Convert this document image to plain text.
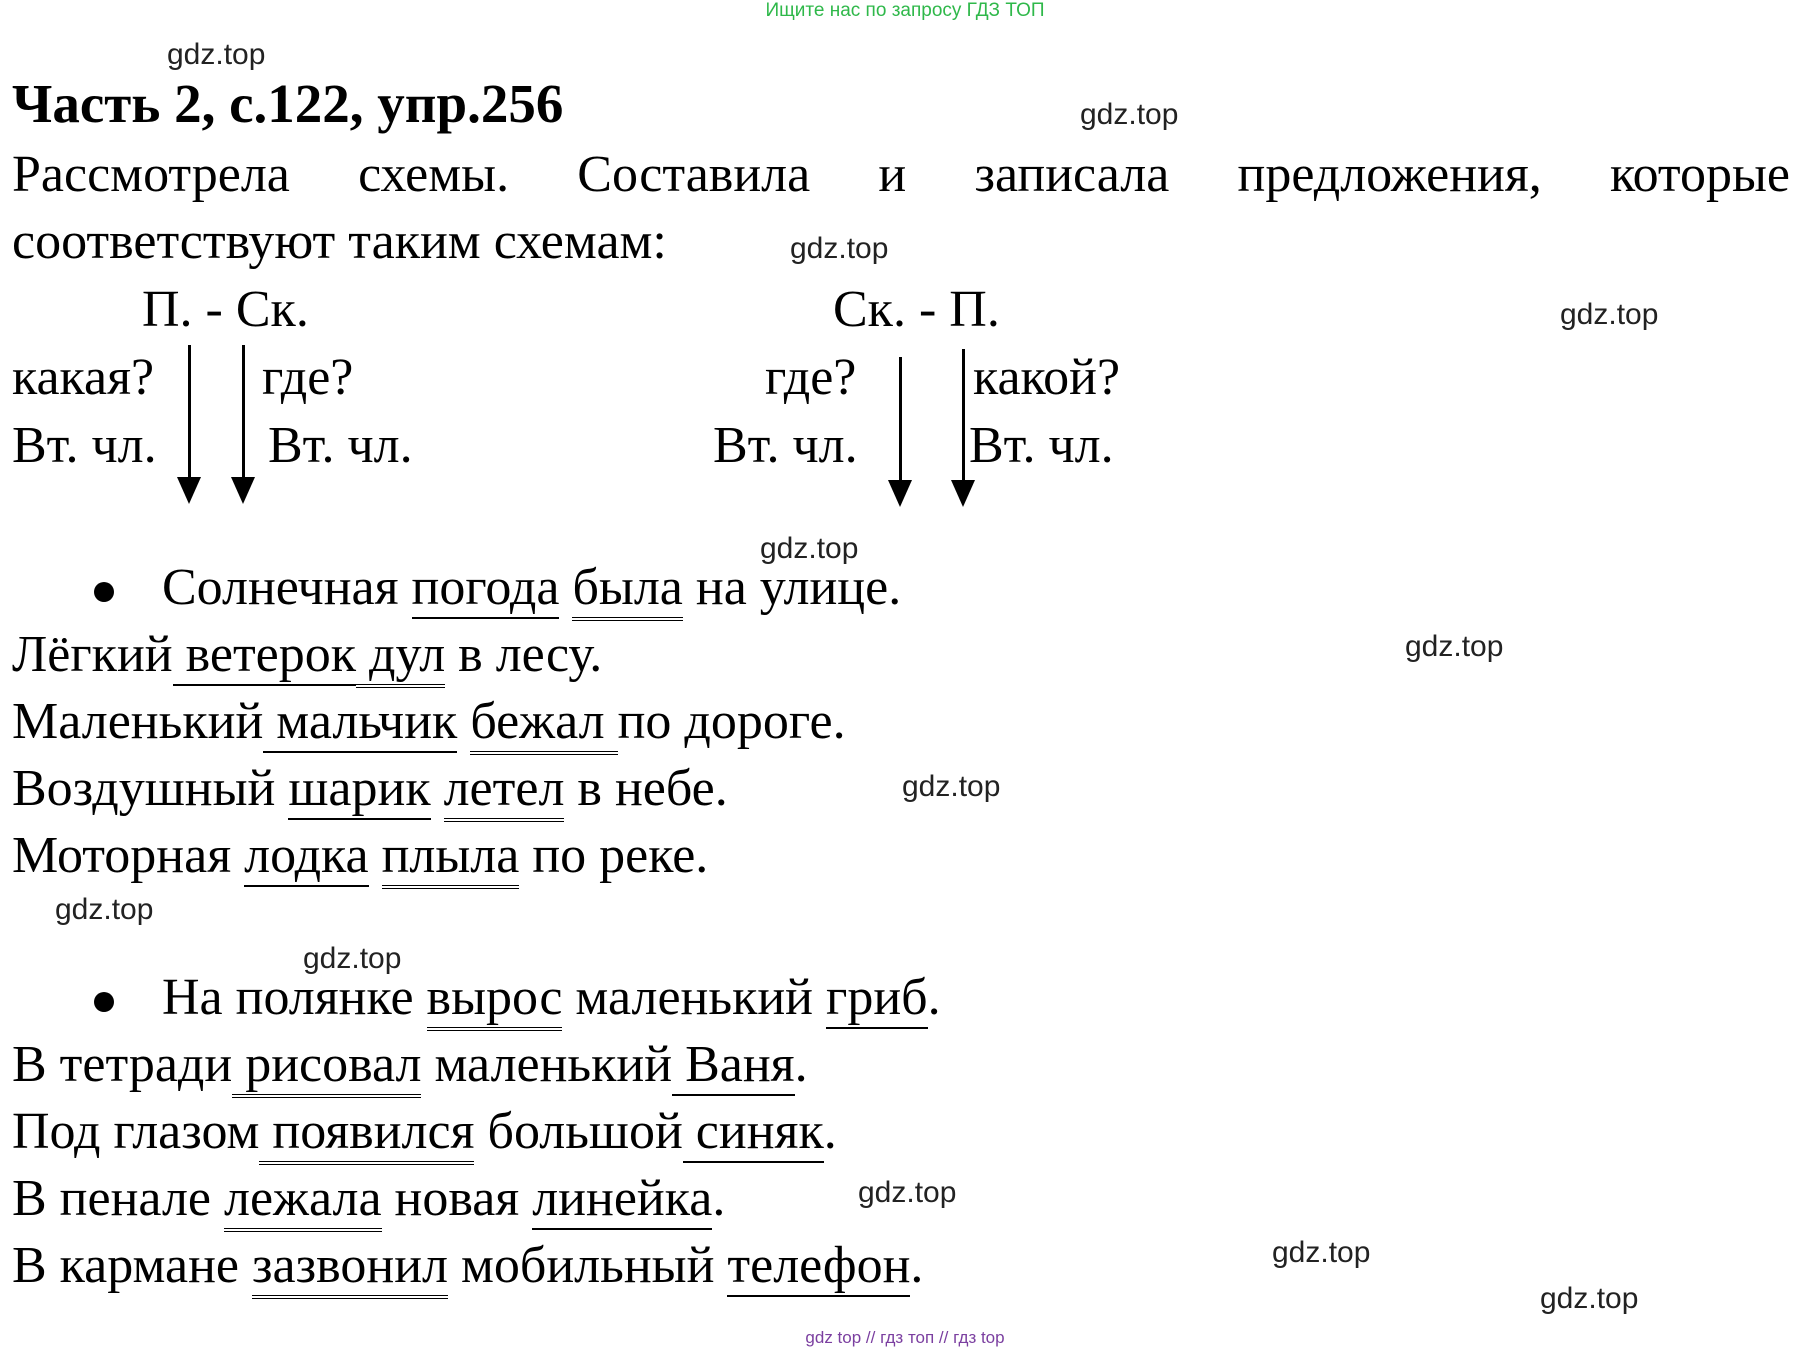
Ищите нас по запросу ГДЗ ТОП
gdz.top
gdz.top
gdz.top
gdz.top
gdz.top
gdz.top
gdz.top
gdz.top
gdz.top
gdz.top
gdz.top
gdz.top
Часть 2, с.122, упр.256
Рассмотрела схемы. Составила и записала предложения, которые
соответствуют таким схемам:
П. - Ск.
какая? где?
Вт. чл. Вт. чл.
Ск. - П.
где? какой?
Вт. чл. Вт. чл.
Солнечная погода была на улице.
Лёгкий ветерок дул в лесу.
Маленький мальчик бежал по дороге.
Воздушный шарик летел в небе.
Моторная лодка плыла по реке.
На полянке вырос маленький гриб.
В тетради рисовал маленький Ваня.
Под глазом появился большой синяк.
В пенале лежала новая линейка.
В кармане зазвонил мобильный телефон.
gdz top // гдз топ // гдз top
